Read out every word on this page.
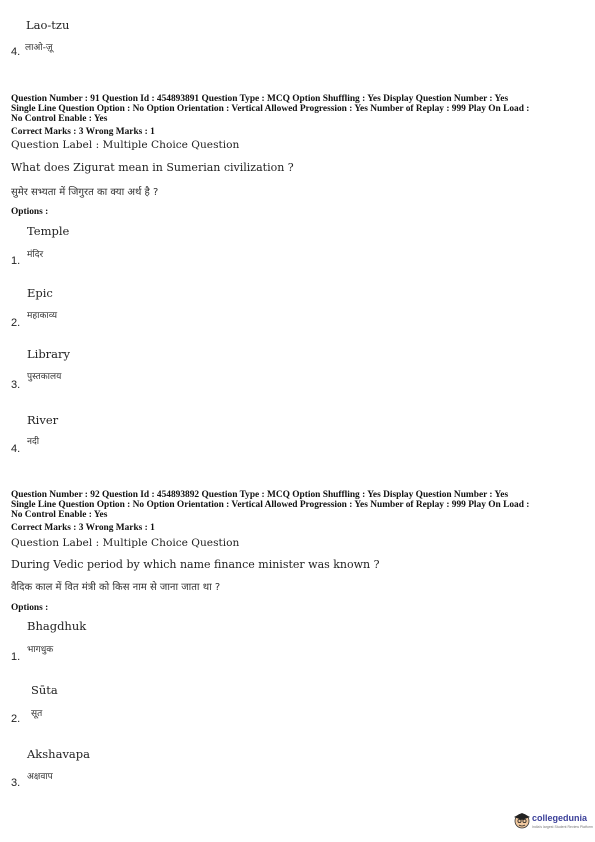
Lao-tzu
4. लाओ-ज़ू
Question Number : 91 Question Id : 454893891 Question Type : MCQ Option Shuffling : Yes Display Question Number : Yes
Single Line Question Option : No Option Orientation : Vertical Allowed Progression : Yes Number of Replay : 999 Play On Load :
No Control Enable : Yes
Correct Marks : 3 Wrong Marks : 1
Question Label : Multiple Choice Question
What does Zigurat mean in Sumerian civilization ?
सुमेर सभ्यता में जिगुरत का क्या अर्थ है ?
Options :
Temple
मंदिर
1.
Epic
महाकाव्य
2.
Library
पुस्तकालय
3.
River
नदी
4.
Question Number : 92 Question Id : 454893892 Question Type : MCQ Option Shuffling : Yes Display Question Number : Yes
Single Line Question Option : No Option Orientation : Vertical Allowed Progression : Yes Number of Replay : 999 Play On Load :
No Control Enable : Yes
Correct Marks : 3 Wrong Marks : 1
Question Label : Multiple Choice Question
During Vedic period by which name finance minister was known ?
वैदिक काल में वित मंत्री को किस नाम से जाना जाता था ?
Options :
Bhagdhuk
भागधुक
1.
Sūta
सूत
2.
Akshavapa
अक्षवाप
3.
collegedunia
India's largest Student Review Platform
